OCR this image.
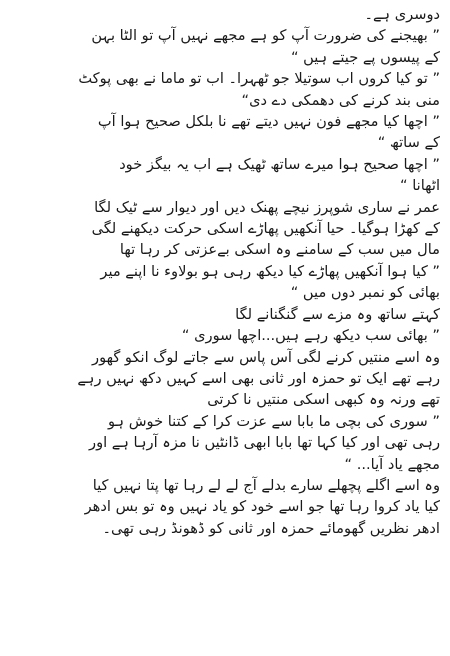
دوسری ہے۔
” بھیجنے کی ضرورت آپ کو ہے مجھے نہیں آپ تو الٹا بہن
کے پیسوں پے جیتے ہیں “
” تو کیا کروں اب سوتیلا جو ٹھہرا۔ اب تو ماما نے بھی پوکٹ
منی بند کرنے کی دھمکی دے دی“
” اچھا کیا مجھے فون نہیں دیتے تھے نا بلکل صحیح ہوا آپ
کے ساتھ “
” اچھا صحیح ہوا میرے ساتھ ٹھیک ہے اب یہ بیگز خود
اٹھانا “
عمر نے ساری شوپرز نیچے پھنک دیں اور دیوار سے ٹیک لگا
کے کھڑا ہوگیا۔ حیا آنکھیں پھاڑے اسکی حرکت دیکھنے لگی
مال میں سب کے سامنے وہ اسکی بےعزتی کر رہا تھا
” کیا ہوا آنکھیں پھاڑے کیا دیکھ رہی ہو بولاوء نا اپنے میر
بھائی کو نمبر دوں میں “
کہتے ساتھ وہ مزے سے گنگنانے لگا
” بھائی سب دیکھ رہے ہیں...اچھا سوری “
وہ اسے منتیں کرنے لگی آس پاس سے جاتے لوگ انکو گھور
رہے تھے ایک تو حمزہ اور ثانی بھی اسے کہیں دکھ نہیں رہے
تھے ورنہ وہ کبھی اسکی منتیں نا کرتی
” سوری کی بچی ما بابا سے عزت کرا کے کتنا خوش ہو
رہی تھی اور کیا کہا تھا بابا ابھی ڈانٹیں نا مزہ آرہا ہے اور
مجھے یاد آیا... “
وہ اسے اگلے پچھلے سارے بدلے آج لے لے رہا تھا پتا نہیں کیا
کیا یاد کروا رہا تھا جو اسے خود کو یاد نہیں وہ تو بس ادھر
ادھر نظریں گھومائے حمزہ اور ثانی کو ڈھونڈ رہی تھی۔
